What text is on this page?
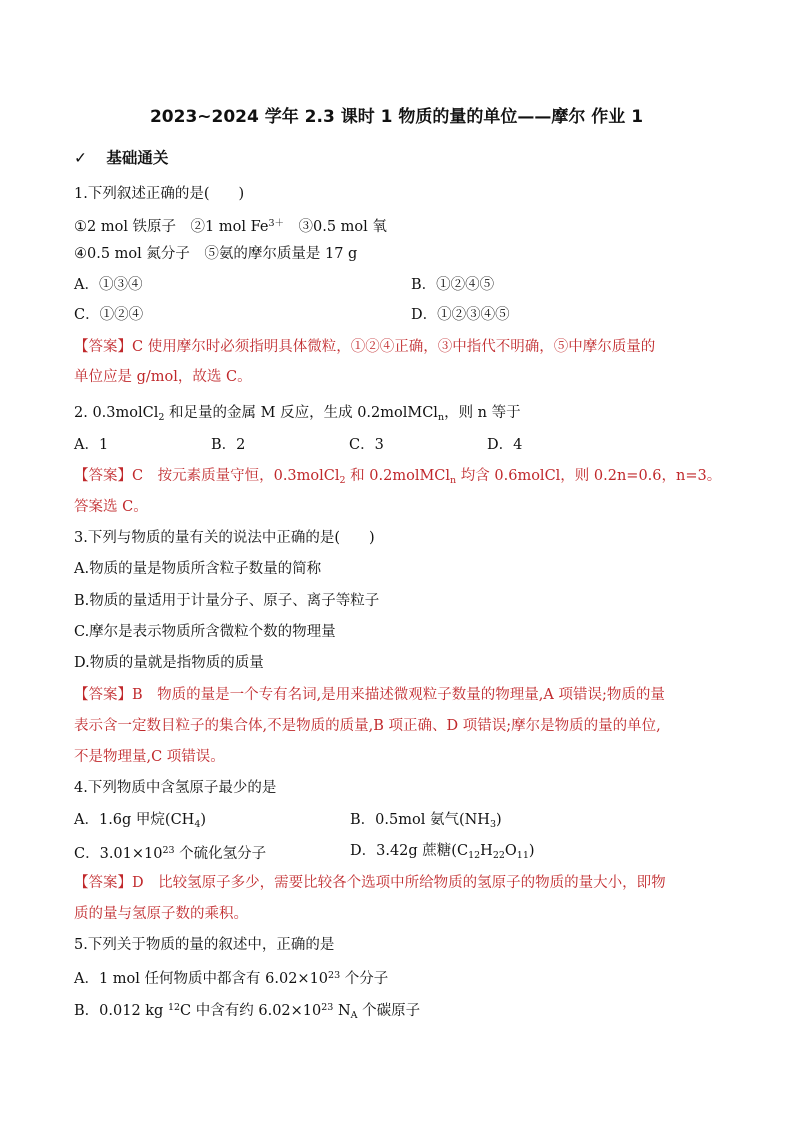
2023~2024 学年 2.3 课时 1 物质的量的单位——摩尔 作业 1
✓ 基础通关
1.下列叙述正确的是(　　)
①2 mol 铁原子　②1 mol $Fe^{3+}$　③0.5 mol 氧
④0.5 mol 氮分子　⑤氨的摩尔质量是 17 g
A．①③④	B．①②④⑤
C．①②④	D．①②③④⑤
【答案】C 使用摩尔时必须指明具体微粒，①②④正确，③中指代不明确，⑤中摩尔质量的
单位应是 g/mol，故选 C。
2. 0.3molCl$_2$ 和足量的金属 M 反应，生成 0.2molMCl$_n$，则 n 等于
A．1	B．2	C．3	D．4
【答案】C　按元素质量守恒，0.3molCl$_2$ 和 0.2molMCl$_n$ 均含 0.6molCl，则 0.2n=0.6，n=3。
答案选 C。
3.下列与物质的量有关的说法中正确的是(　　)
A.物质的量是物质所含粒子数量的简称
B.物质的量适用于计量分子、原子、离子等粒子
C.摩尔是表示物质所含微粒个数的物理量
D.物质的量就是指物质的质量
【答案】B　物质的量是一个专有名词,是用来描述微观粒子数量的物理量,A 项错误;物质的量
表示含一定数目粒子的集合体,不是物质的质量,B 项正确、D 项错误;摩尔是物质的量的单位,
不是物理量,C 项错误。
4.下列物质中含氢原子最少的是
A．1.6g 甲烷$(CH_4)$	B．0.5mol 氨气$(NH_3)$
C．$3.01\times 10^{23}$ 个硫化氢分子	D．3.42g 蔗糖$(C_{12}H_{22}O_{11})$
【答案】D　比较氢原子多少，需要比较各个选项中所给物质的氢原子的物质的量大小，即物
质的量与氢原子数的乘积。
5.下列关于物质的量的叙述中，正确的是
A．1 mol 任何物质中都含有 $6.02\times 10^{23}$ 个分子
B．0.012 kg $^{12}$C 中含有约 $6.02\times 10^{23}$ $N_A$ 个碳原子
